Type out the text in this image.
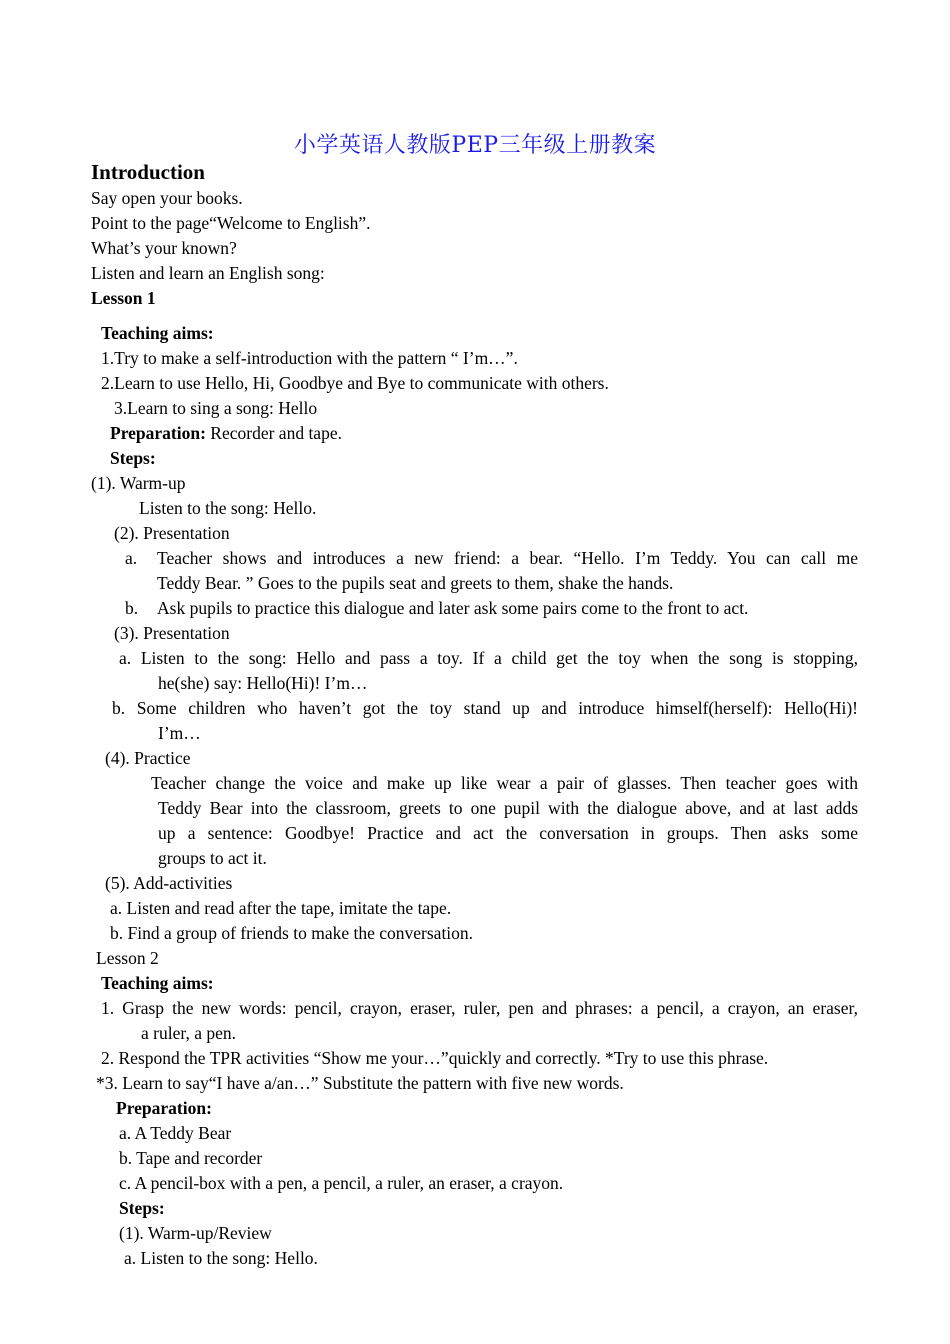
小学英语人教版PEP三年级上册教案
Introduction
Say open your books.
Point to the page“Welcome to English”.
What’s your known?
Listen and learn an English song:
Lesson 1
Teaching aims:
1.Try to make a self-introduction with the pattern “ I’m…”.
2.Learn to use Hello, Hi, Goodbye and Bye to communicate with others.
3.Learn to sing a song: Hello
Preparation: Recorder and tape.
Steps:
(1). Warm-up
Listen to the song: Hello.
(2). Presentation
a. Teacher shows and introduces a new friend: a bear. “Hello. I’m Teddy. You can call me
Teddy Bear. ” Goes to the pupils seat and greets to them, shake the hands.
b. Ask pupils to practice this dialogue and later ask some pairs come to the front to act.
(3). Presentation
a. Listen to the song: Hello and pass a toy. If a child get the toy when the song is stopping,
he(she) say: Hello(Hi)! I’m…
b. Some children who haven’t got the toy stand up and introduce himself(herself): Hello(Hi)!
I’m…
(4). Practice
Teacher change the voice and make up like wear a pair of glasses. Then teacher goes with
Teddy Bear into the classroom, greets to one pupil with the dialogue above, and at last adds
up a sentence: Goodbye! Practice and act the conversation in groups. Then asks some
groups to act it.
(5). Add-activities
a. Listen and read after the tape, imitate the tape.
b. Find a group of friends to make the conversation.
Lesson 2
Teaching aims:
1. Grasp the new words: pencil, crayon, eraser, ruler, pen and phrases: a pencil, a crayon, an eraser,
a ruler, a pen.
2. Respond the TPR activities “Show me your…”quickly and correctly. *Try to use this phrase.
*3. Learn to say“I have a/an…” Substitute the pattern with five new words.
Preparation:
a. A Teddy Bear
b. Tape and recorder
c. A pencil-box with a pen, a pencil, a ruler, an eraser, a crayon.
Steps:
(1). Warm-up/Review
a. Listen to the song: Hello.
